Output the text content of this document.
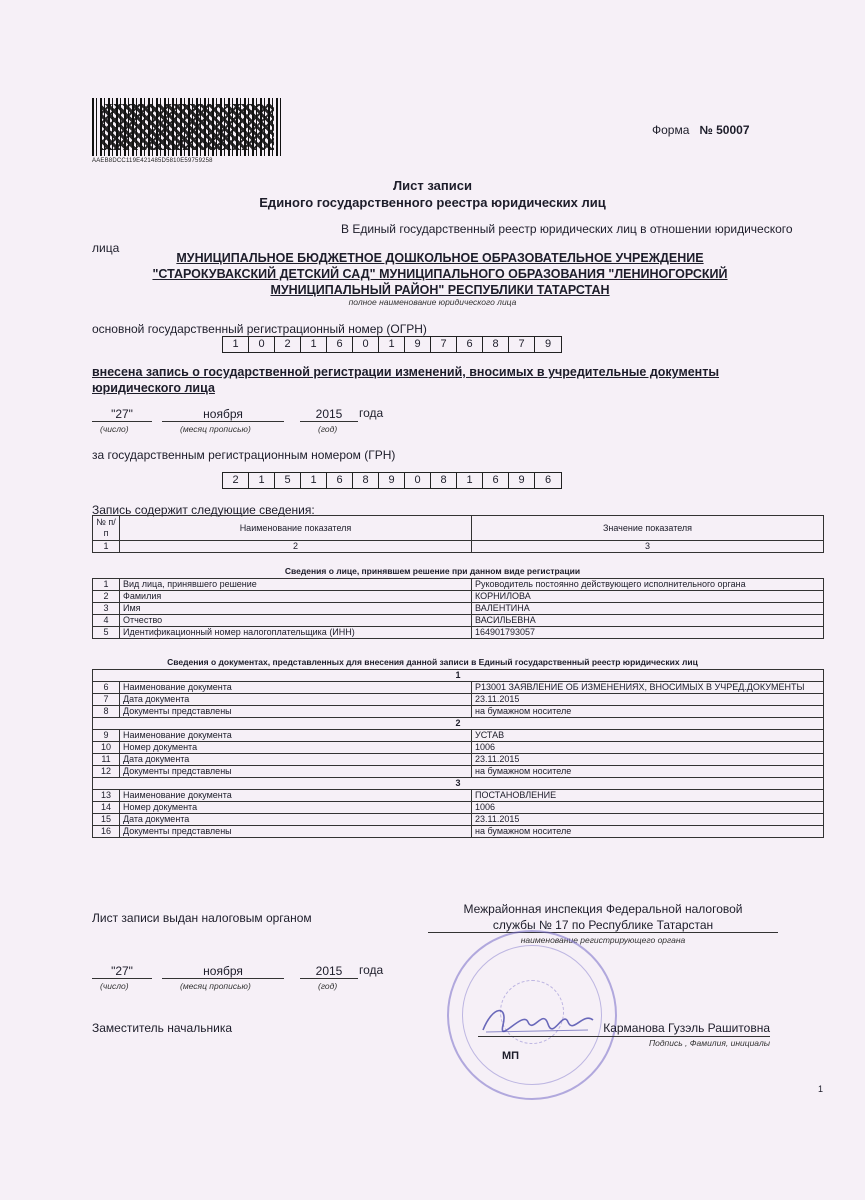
AAEB8DCC119E421485D5810E59759258
Форма № 50007
Лист записи
Единого государственного реестра юридических лиц
В Единый государственный реестр юридических лиц в отношении юридического
лица
МУНИЦИПАЛЬНОЕ БЮДЖЕТНОЕ ДОШКОЛЬНОЕ ОБРАЗОВАТЕЛЬНОЕ УЧРЕЖДЕНИЕ
"СТАРОКУВАКСКИЙ ДЕТСКИЙ САД" МУНИЦИПАЛЬНОГО ОБРАЗОВАНИЯ "ЛЕНИНОГОРСКИЙ
МУНИЦИПАЛЬНЫЙ РАЙОН" РЕСПУБЛИКИ ТАТАРСТАН
полное наименование юридического лица
основной государственный регистрационный номер (ОГРН)
1	0	2	1	6	0	1	9	7	6	8	7	9
внесена запись о государственной регистрации изменений, вносимых в учредительные документы
юридического лица
"27"	ноября	2015	года
(число)	(месяц прописью)	(год)
за государственным регистрационным номером (ГРН)
2	1	5	1	6	8	9	0	8	1	6	9	6
Запись содержит следующие сведения:
№ п/п	Наименование показателя	Значение показателя
1	2	3
Сведения о лице, принявшем решение при данном виде регистрации
1	Вид лица, принявшего решение	Руководитель постоянно действующего исполнительного органа
2	Фамилия	КОРНИЛОВА
3	Имя	ВАЛЕНТИНА
4	Отчество	ВАСИЛЬЕВНА
5	Идентификационный номер налогоплательщика (ИНН)	164901793057
Сведения о документах, представленных для внесения данной записи в Единый государственный реестр юридических лиц
1		
6	Наименование документа	Р13001 ЗАЯВЛЕНИЕ ОБ ИЗМЕНЕНИЯХ, ВНОСИМЫХ В УЧРЕД.ДОКУМЕНТЫ
7	Дата документа	23.11.2015
8	Документы представлены	на бумажном носителе
2		
9	Наименование документа	УСТАВ
10	Номер документа	1006
11	Дата документа	23.11.2015
12	Документы представлены	на бумажном носителе
3		
13	Наименование документа	ПОСТАНОВЛЕНИЕ
14	Номер документа	1006
15	Дата документа	23.11.2015
16	Документы представлены	на бумажном носителе
Лист записи выдан налоговым органом
Межрайонная инспекция Федеральной налоговой
службы № 17 по Республике Татарстан
наименование регистрирующего органа
"27"	ноября	2015	года
(число)	(месяц прописью)	(год)
Заместитель начальника	Карманова Гузэль Рашитовна
Подпись , Фамилия, инициалы
МП
1
